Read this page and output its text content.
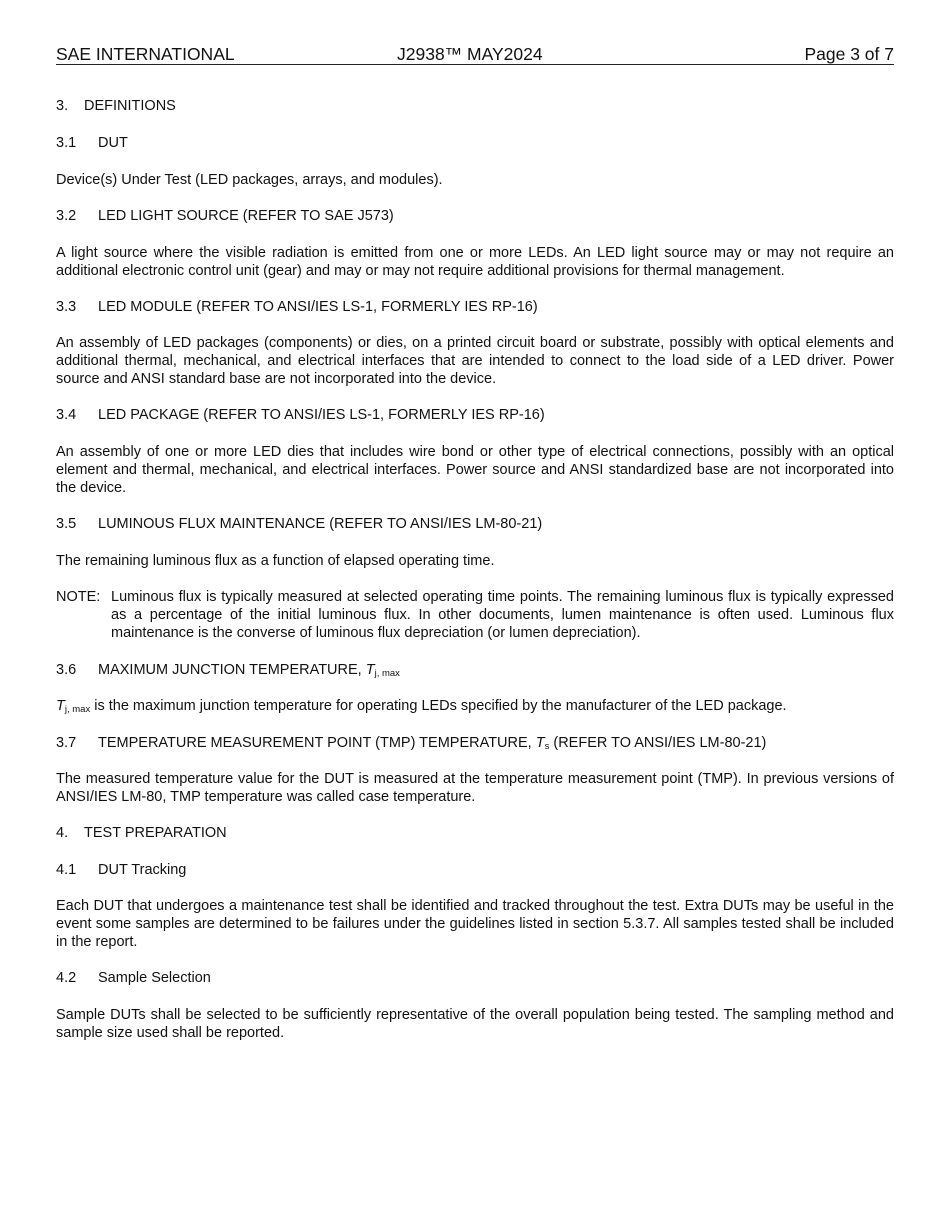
SAE INTERNATIONAL	J2938™ MAY2024	Page 3 of 7
3. DEFINITIONS
3.1 DUT
Device(s) Under Test (LED packages, arrays, and modules).
3.2 LED LIGHT SOURCE (REFER TO SAE J573)
A light source where the visible radiation is emitted from one or more LEDs. An LED light source may or may not require an additional electronic control unit (gear) and may or may not require additional provisions for thermal management.
3.3 LED MODULE (REFER TO ANSI/IES LS-1, FORMERLY IES RP-16)
An assembly of LED packages (components) or dies, on a printed circuit board or substrate, possibly with optical elements and additional thermal, mechanical, and electrical interfaces that are intended to connect to the load side of a LED driver. Power source and ANSI standard base are not incorporated into the device.
3.4 LED PACKAGE (REFER TO ANSI/IES LS-1, FORMERLY IES RP-16)
An assembly of one or more LED dies that includes wire bond or other type of electrical connections, possibly with an optical element and thermal, mechanical, and electrical interfaces. Power source and ANSI standardized base are not incorporated into the device.
3.5 LUMINOUS FLUX MAINTENANCE (REFER TO ANSI/IES LM-80-21)
The remaining luminous flux as a function of elapsed operating time.
NOTE: Luminous flux is typically measured at selected operating time points. The remaining luminous flux is typically expressed as a percentage of the initial luminous flux. In other documents, lumen maintenance is often used. Luminous flux maintenance is the converse of luminous flux depreciation (or lumen depreciation).
3.6 MAXIMUM JUNCTION TEMPERATURE, $T_{j, max}$
$T_{j, max}$ is the maximum junction temperature for operating LEDs specified by the manufacturer of the LED package.
3.7 TEMPERATURE MEASUREMENT POINT (TMP) TEMPERATURE, $T_s$ (REFER TO ANSI/IES LM-80-21)
The measured temperature value for the DUT is measured at the temperature measurement point (TMP). In previous versions of ANSI/IES LM-80, TMP temperature was called case temperature.
4. TEST PREPARATION
4.1 DUT Tracking
Each DUT that undergoes a maintenance test shall be identified and tracked throughout the test. Extra DUTs may be useful in the event some samples are determined to be failures under the guidelines listed in section 5.3.7. All samples tested shall be included in the report.
4.2 Sample Selection
Sample DUTs shall be selected to be sufficiently representative of the overall population being tested. The sampling method and sample size used shall be reported.
